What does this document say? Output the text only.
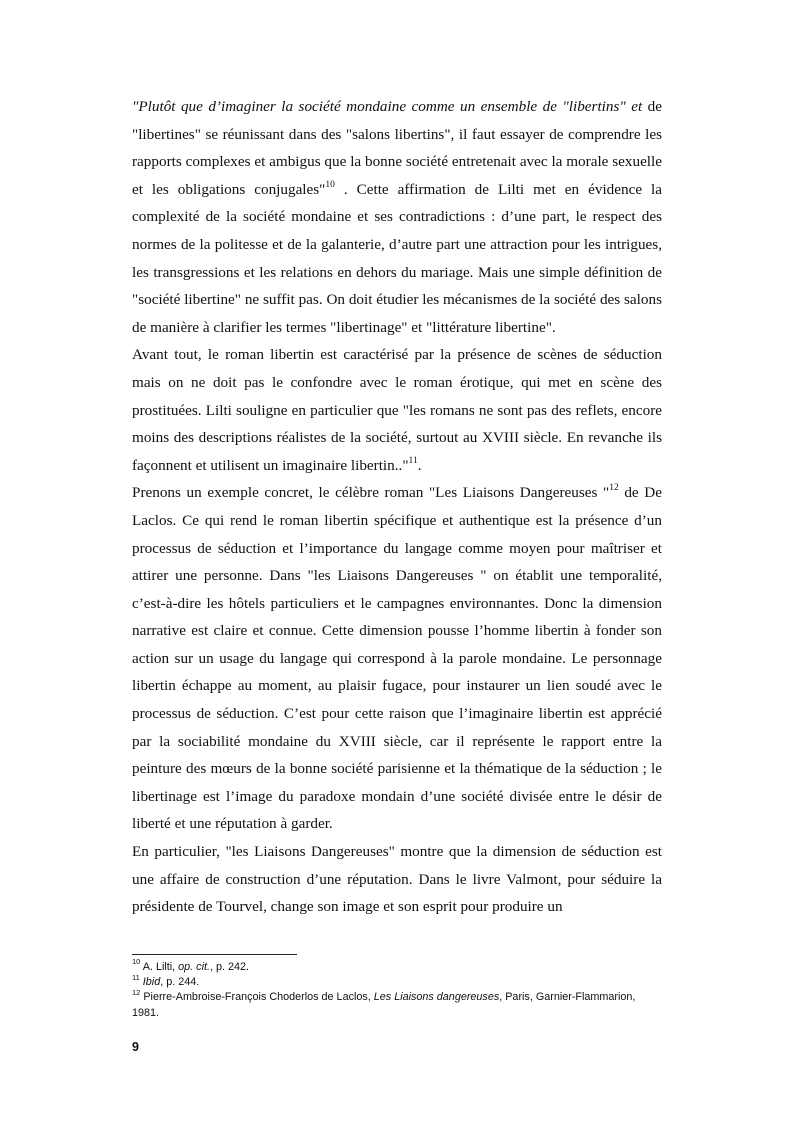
"Plutôt que d’imaginer la société mondaine comme un ensemble de "libertins" et de "libertines" se réunissant dans des "salons libertins", il faut essayer de comprendre les rapports complexes et ambigus que la bonne société entretenait avec la morale sexuelle et les obligations conjugales"$^{10}$ . Cette affirmation de Lilti met en évidence la complexité de la société mondaine et ses contradictions : d’une part, le respect des normes de la politesse et de la galanterie, d’autre part une attraction pour les intrigues, les transgressions et les relations en dehors du mariage. Mais une simple définition de "société libertine" ne suffit pas. On doit étudier les mécanismes de la société des salons de manière à clarifier les termes "libertinage" et "littérature libertine".

Avant tout, le roman libertin est caractérisé par la présence de scènes de séduction mais on ne doit pas le confondre avec le roman érotique, qui met en scène des prostituées. Lilti souligne en particulier que "les romans ne sont pas des reflets, encore moins des descriptions réalistes de la société, surtout au XVIII siècle. En revanche ils façonnent et utilisent un imaginaire libertin.."$^{11}$.

Prenons un exemple concret, le célèbre roman "Les Liaisons Dangereuses "$^{12}$ de De Laclos. Ce qui rend le roman libertin spécifique et authentique est la présence d’un processus de séduction et l’importance du langage comme moyen pour maîtriser et attirer une personne. Dans "les Liaisons Dangereuses " on établit une temporalité, c’est-à-dire les hôtels particuliers et le campagnes environnantes. Donc la dimension narrative est claire et connue. Cette dimension pousse l’homme libertin à fonder son action sur un usage du langage qui correspond à la parole mondaine. Le personnage libertin échappe au moment, au plaisir fugace, pour instaurer un lien soudé avec le processus de séduction. C’est pour cette raison que l’imaginaire libertin est apprécié par la sociabilité mondaine du XVIII siècle, car il représente le rapport entre la peinture des mœurs de la bonne société parisienne et la thématique de la séduction ; le libertinage est l’image du paradoxe mondain d’une société divisée entre le désir de liberté et une réputation à garder.

En particulier, "les Liaisons Dangereuses" montre que la dimension de séduction est une affaire de construction d’une réputation. Dans le livre Valmont, pour séduire la présidente de Tourvel, change son image et son esprit pour produire un

$^{10}$ A. Lilti, op. cit., p. 242.

$^{11}$ Ibid, p. 244.

$^{12}$ Pierre-Ambroise-François Choderlos de Laclos, Les Liaisons dangereuses, Paris, Garnier-Flammarion, 1981.

9
